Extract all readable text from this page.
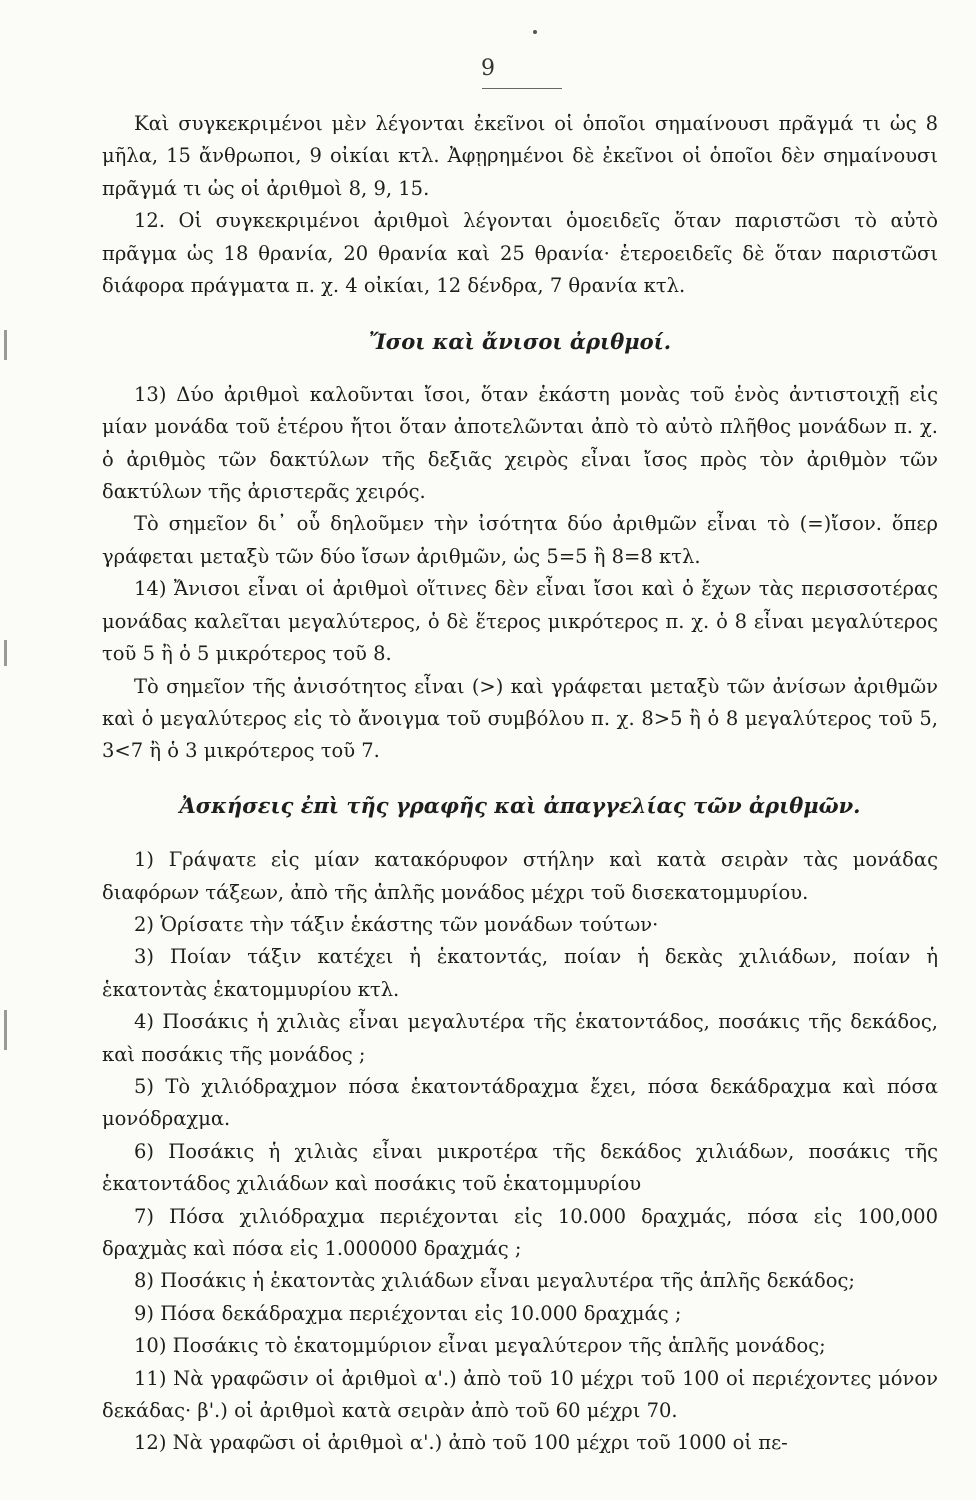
9

Καὶ συγκεκριμένοι μὲν λέγονται ἐκεῖνοι οἱ ὁποῖοι σημαίνουσι πρᾶγμά τι ὡς 8 μῆλα, 15 ἄνθρωποι, 9 οἰκίαι κτλ. Ἀφῃρημένοι δὲ ἐκεῖνοι οἱ ὁποῖοι δὲν σημαίνουσι πρᾶγμά τι ὡς οἱ ἀριθμοὶ 8, 9, 15.

12. Οἱ συγκεκριμένοι ἀριθμοὶ λέγονται ὁμοειδεῖς ὅταν παριστῶσι τὸ αὐτὸ πρᾶγμα ὡς 18 θρανία, 20 θρανία καὶ 25 θρανία· ἑτεροειδεῖς δὲ ὅταν παριστῶσι διάφορα πράγματα π. χ. 4 οἰκίαι, 12 δένδρα, 7 θρανία κτλ.

Ἴσοι καὶ ἄνισοι ἀριθμοί.

13) Δύο ἀριθμοὶ καλοῦνται ἴσοι, ὅταν ἑκάστη μονὰς τοῦ ἑνὸς ἀντιστοιχῇ εἰς μίαν μονάδα τοῦ ἑτέρου ἤτοι ὅταν ἀποτελῶνται ἀπὸ τὸ αὐτὸ πλῆθος μονάδων π. χ. ὁ ἀριθμὸς τῶν δακτύλων τῆς δεξιᾶς χειρὸς εἶναι ἴσος πρὸς τὸν ἀριθμὸν τῶν δακτύλων τῆς ἀριστερᾶς χειρός.

Τὸ σημεῖον δι᾽ οὗ δηλοῦμεν τὴν ἰσότητα δύο ἀριθμῶν εἶναι τὸ (=)ἴσον. ὅπερ γράφεται μεταξὺ τῶν δύο ἴσων ἀριθμῶν, ὡς 5=5 ἢ 8=8 κτλ.

14) Ἄνισοι εἶναι οἱ ἀριθμοὶ οἵτινες δὲν εἶναι ἴσοι καὶ ὁ ἔχων τὰς περισσοτέρας μονάδας καλεῖται μεγαλύτερος, ὁ δὲ ἕτερος μικρότερος π. χ. ὁ 8 εἶναι μεγαλύτερος τοῦ 5 ἢ ὁ 5 μικρότερος τοῦ 8.

Τὸ σημεῖον τῆς ἀνισότητος εἶναι (>) καὶ γράφεται μεταξὺ τῶν ἀνίσων ἀριθμῶν καὶ ὁ μεγαλύτερος εἰς τὸ ἄνοιγμα τοῦ συμβόλου π. χ. 8>5 ἢ ὁ 8 μεγαλύτερος τοῦ 5, 3<7 ἢ ὁ 3 μικρότερος τοῦ 7.

Ἀσκήσεις ἐπὶ τῆς γραφῆς καὶ ἀπαγγελίας τῶν ἀριθμῶν.

1) Γράψατε εἰς μίαν κατακόρυφον στήλην καὶ κατὰ σειρὰν τὰς μονάδας διαφόρων τάξεων, ἀπὸ τῆς ἁπλῆς μονάδος μέχρι τοῦ δισεκατομμυρίου.

2) Ὁρίσατε τὴν τάξιν ἑκάστης τῶν μονάδων τούτων·

3) Ποίαν τάξιν κατέχει ἡ ἑκατοντάς, ποίαν ἡ δεκὰς χιλιάδων, ποίαν ἡ ἑκατοντὰς ἑκατομμυρίου κτλ.

4) Ποσάκις ἡ χιλιὰς εἶναι μεγαλυτέρα τῆς ἑκατοντάδος, ποσάκις τῆς δεκάδος, καὶ ποσάκις τῆς μονάδος ;

5) Τὸ χιλιόδραχμον πόσα ἑκατοντάδραχμα ἔχει, πόσα δεκάδραχμα καὶ πόσα μονόδραχμα.

6) Ποσάκις ἡ χιλιὰς εἶναι μικροτέρα τῆς δεκάδος χιλιάδων, ποσάκις τῆς ἑκατοντάδος χιλιάδων καὶ ποσάκις τοῦ ἑκατομμυρίου

7) Πόσα χιλιόδραχμα περιέχονται εἰς 10.000 δραχμάς, πόσα εἰς 100,000 δραχμὰς καὶ πόσα εἰς 1.000000 δραχμάς ;

8) Ποσάκις ἡ ἑκατοντὰς χιλιάδων εἶναι μεγαλυτέρα τῆς ἁπλῆς δεκάδος;

9) Πόσα δεκάδραχμα περιέχονται εἰς 10.000 δραχμάς ;

10) Ποσάκις τὸ ἑκατομμύριον εἶναι μεγαλύτερον τῆς ἁπλῆς μονάδος;

11) Νὰ γραφῶσιν οἱ ἀριθμοὶ α'.) ἀπὸ τοῦ 10 μέχρι τοῦ 100 οἱ περιέχοντες μόνον δεκάδας· β'.) οἱ ἀριθμοὶ κατὰ σειρὰν ἀπὸ τοῦ 60 μέχρι 70.

12) Νὰ γραφῶσι οἱ ἀριθμοὶ α'.) ἀπὸ τοῦ 100 μέχρι τοῦ 1000 οἱ πε-
